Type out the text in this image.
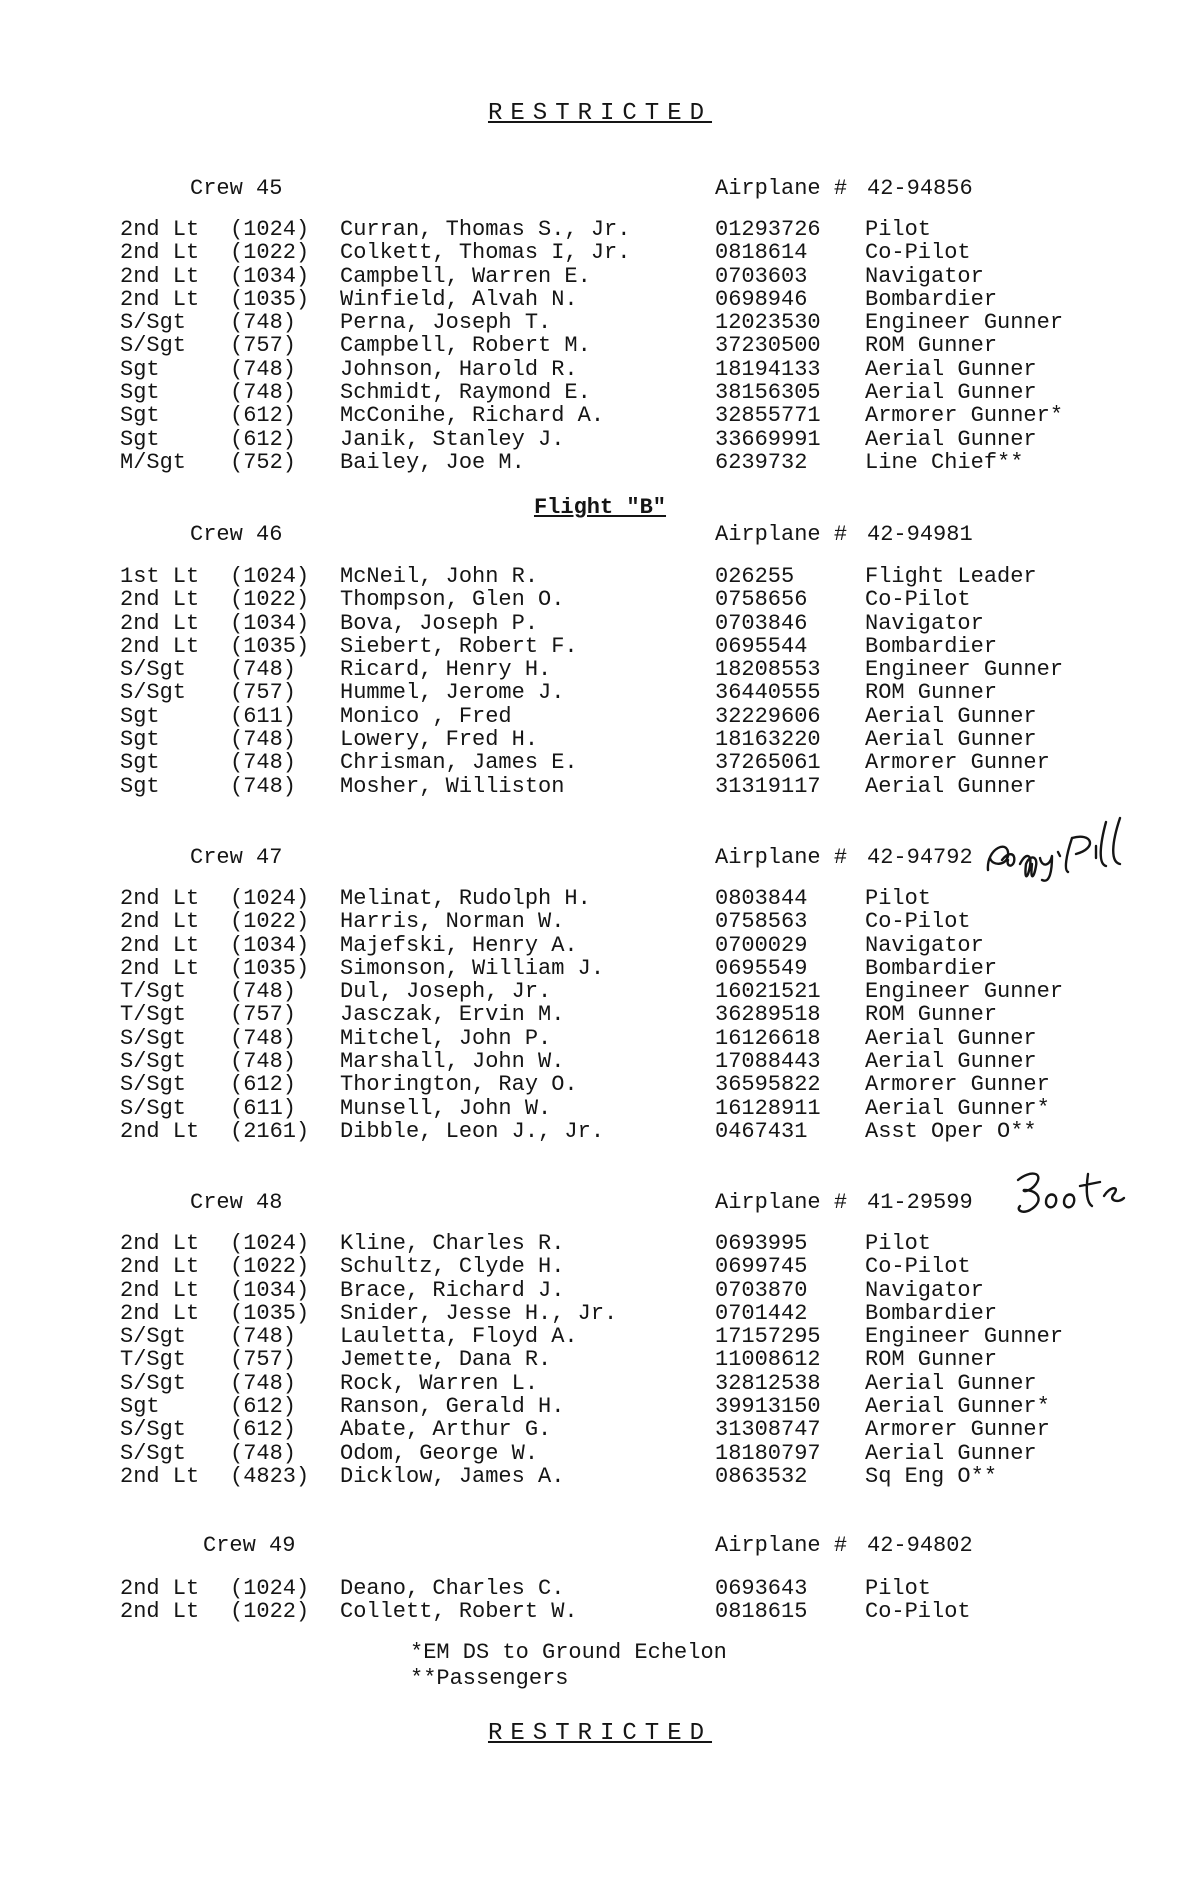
RESTRICTED
Crew 45	Airplane # 42-94856
2nd Lt (1024) Curran, Thomas S., Jr.	01293726 Pilot
2nd Lt (1022) Colkett, Thomas I, Jr.	0818614	Co-Pilot
2nd Lt (1034) Campbell, Warren E.	0703603	Navigator
2nd Lt (1035) Winfield, Alvah N.	0698946	Bombardier
S/Sgt (748) Perna, Joseph T.	12023530 Engineer Gunner
S/Sgt (757) Campbell, Robert M.	37230500 ROM Gunner
Sgt	(748) Johnson, Harold R.	18194133 Aerial Gunner
Sgt	(748) Schmidt, Raymond E.	38156305 Aerial Gunner
Sgt	(612) McConihe, Richard A.	32855771 Armorer Gunner*
Sgt	(612) Janik, Stanley J.	33669991 Aerial Gunner
M/Sgt (752) Bailey, Joe M.	6239732	Line Chief**
Flight "B"
Crew 46	Airplane # 42-94981
1st Lt (1024) McNeil, John R.	026255	Flight Leader
2nd Lt (1022) Thompson, Glen O.	0758656	Co-Pilot
2nd Lt (1034) Bova, Joseph P.	0703846	Navigator
2nd Lt (1035) Siebert, Robert F.	0695544	Bombardier
S/Sgt (748) Ricard, Henry H.	18208553 Engineer Gunner
S/Sgt (757) Hummel, Jerome J.	36440555 ROM Gunner
Sgt	(611) Monico , Fred	32229606 Aerial Gunner
Sgt	(748) Lowery, Fred H.	18163220 Aerial Gunner
Sgt	(748) Chrisman, James E.	37265061 Armorer Gunner
Sgt	(748) Mosher, Williston	31319117 Aerial Gunner
Crew 47	Airplane # 42-94792
2nd Lt (1024) Melinat, Rudolph H.	0803844	Pilot
2nd Lt (1022) Harris, Norman W.	0758563	Co-Pilot
2nd Lt (1034) Majefski, Henry A.	0700029	Navigator
2nd Lt (1035) Simonson, William J.	0695549	Bombardier
T/Sgt (748) Dul, Joseph, Jr.	16021521 Engineer Gunner
T/Sgt (757) Jasczak, Ervin M.	36289518 ROM Gunner
S/Sgt (748) Mitchel, John P.	16126618 Aerial Gunner
S/Sgt (748) Marshall, John W.	17088443 Aerial Gunner
S/Sgt (612) Thorington, Ray O.	36595822 Armorer Gunner
S/Sgt (611) Munsell, John W.	16128911 Aerial Gunner*
2nd Lt (2161) Dibble, Leon J., Jr.	0467431	Asst Oper O**
Crew 48	Airplane # 41-29599
2nd Lt (1024) Kline, Charles R.	0693995	Pilot
2nd Lt (1022) Schultz, Clyde H.	0699745	Co-Pilot
2nd Lt (1034) Brace, Richard J.	0703870	Navigator
2nd Lt (1035) Snider, Jesse H., Jr.	0701442	Bombardier
S/Sgt (748) Lauletta, Floyd A.	17157295 Engineer Gunner
T/Sgt (757) Jemette, Dana R.	11008612 ROM Gunner
S/Sgt (748) Rock, Warren L.	32812538 Aerial Gunner
Sgt	(612) Ranson, Gerald H.	39913150 Aerial Gunner*
S/Sgt (612) Abate, Arthur G.	31308747 Armorer Gunner
S/Sgt (748) Odom, George W.	18180797 Aerial Gunner
2nd Lt (4823) Dicklow, James A.	0863532	Sq Eng O**
Crew 49	Airplane # 42-94802
2nd Lt (1024) Deano, Charles C.	0693643	Pilot
2nd Lt (1022) Collett, Robert W.	0818615	Co-Pilot
*EM DS to Ground Echelon
**Passengers
RESTRICTED
